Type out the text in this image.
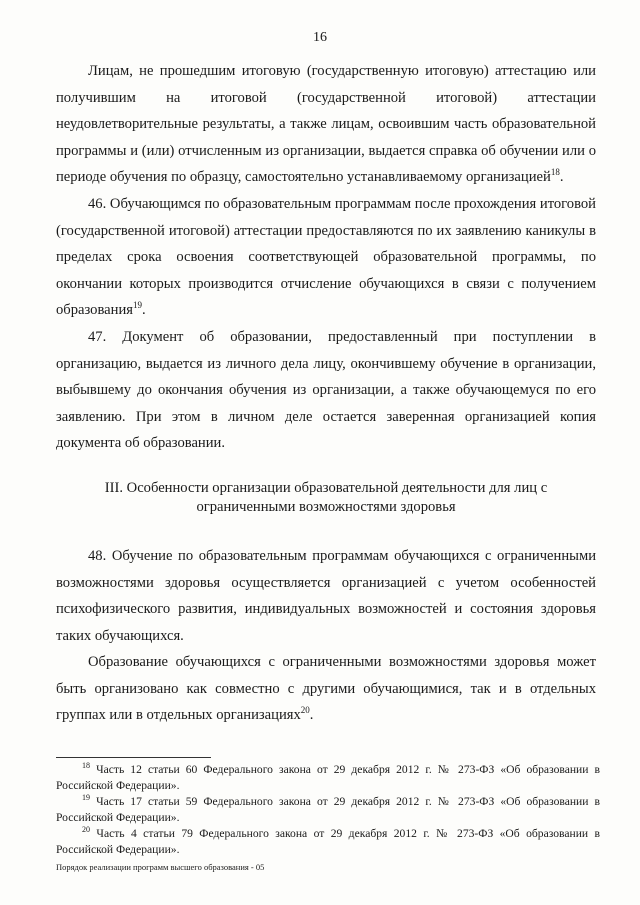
16

Лицам, не прошедшим итоговую (государственную итоговую) аттестацию или получившим на итоговой (государственной итоговой) аттестации неудовлетворительные результаты, а также лицам, освоившим часть образовательной программы и (или) отчисленным из организации, выдается справка об обучении или о периоде обучения по образцу, самостоятельно устанавливаемому организацией$^{18}$.

46. Обучающимся по образовательным программам после прохождения итоговой (государственной итоговой) аттестации предоставляются по их заявлению каникулы в пределах срока освоения соответствующей образовательной программы, по окончании которых производится отчисление обучающихся в связи с получением образования$^{19}$.

47. Документ об образовании, предоставленный при поступлении в организацию, выдается из личного дела лицу, окончившему обучение в организации, выбывшему до окончания обучения из организации, а также обучающемуся по его заявлению. При этом в личном деле остается заверенная организацией копия документа об образовании.

III. Особенности организации образовательной деятельности для лиц с
ограниченными возможностями здоровья

48. Обучение по образовательным программам обучающихся с ограниченными возможностями здоровья осуществляется организацией с учетом особенностей психофизического развития, индивидуальных возможностей и состояния здоровья таких обучающихся.

Образование обучающихся с ограниченными возможностями здоровья может быть организовано как совместно с другими обучающимися, так и в отдельных группах или в отдельных организациях$^{20}$.

$^{18}$ Часть 12 статьи 60 Федерального закона от 29 декабря 2012 г. № 273-ФЗ «Об образовании в Российской Федерации».

$^{19}$ Часть 17 статьи 59 Федерального закона от 29 декабря 2012 г. № 273-ФЗ «Об образовании в Российской Федерации».

$^{20}$ Часть 4 статьи 79 Федерального закона от 29 декабря 2012 г. № 273-ФЗ «Об образовании в Российской Федерации».

Порядок реализации программ высшего образования - 05
